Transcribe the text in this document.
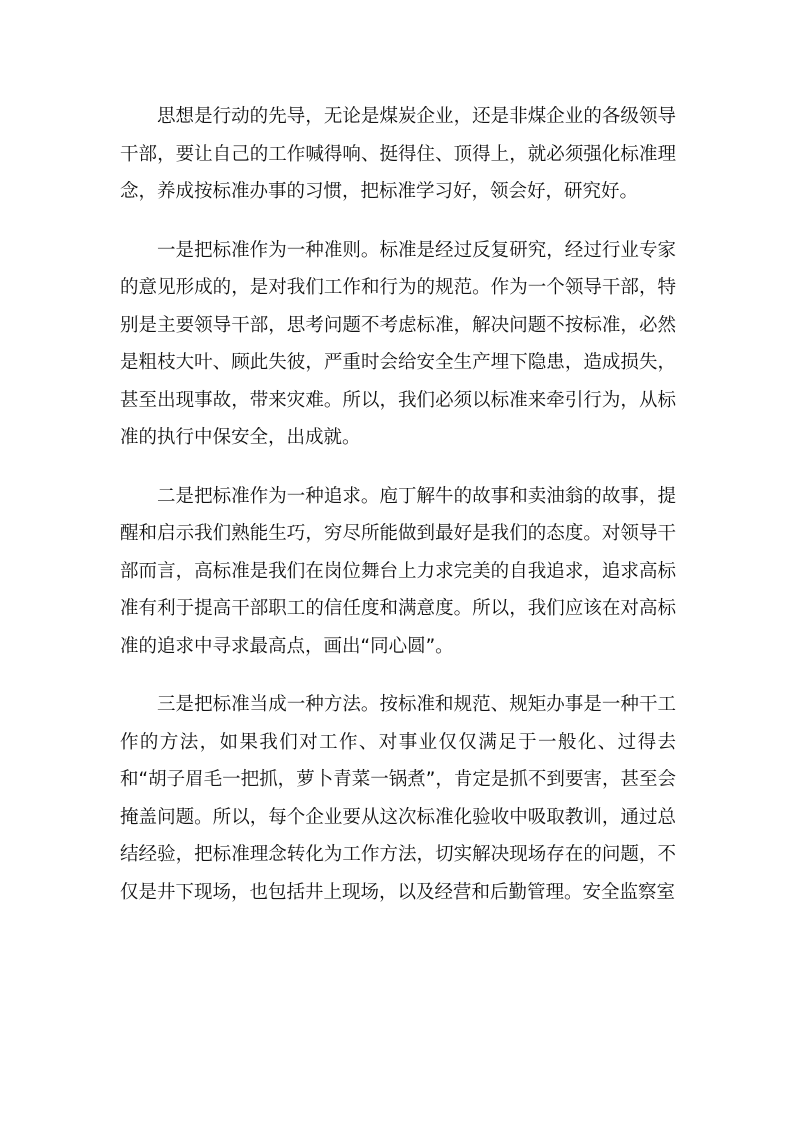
思想是行动的先导，无论是煤炭企业，还是非煤企业的各级领导干部，要让自己的工作喊得响、挺得住、顶得上，就必须强化标准理念，养成按标准办事的习惯，把标准学习好，领会好，研究好。

一是把标准作为一种准则。标准是经过反复研究，经过行业专家的意见形成的，是对我们工作和行为的规范。作为一个领导干部，特别是主要领导干部，思考问题不考虑标准，解决问题不按标准，必然是粗枝大叶、顾此失彼，严重时会给安全生产埋下隐患，造成损失，甚至出现事故，带来灾难。所以，我们必须以标准来牵引行为，从标准的执行中保安全，出成就。

二是把标准作为一种追求。庖丁解牛的故事和卖油翁的故事，提醒和启示我们熟能生巧，穷尽所能做到最好是我们的态度。对领导干部而言，高标准是我们在岗位舞台上力求完美的自我追求，追求高标准有利于提高干部职工的信任度和满意度。所以，我们应该在对高标准的追求中寻求最高点，画出“同心圆”。

三是把标准当成一种方法。按标准和规范、规矩办事是一种干工作的方法，如果我们对工作、对事业仅仅满足于一般化、过得去和“胡子眉毛一把抓，萝卜青菜一锅煮”，肯定是抓不到要害，甚至会掩盖问题。所以，每个企业要从这次标准化验收中吸取教训，通过总结经验，把标准理念转化为工作方法，切实解决现场存在的问题，不仅是井下现场，也包括井上现场，以及经营和后勤管理。安全监察室
